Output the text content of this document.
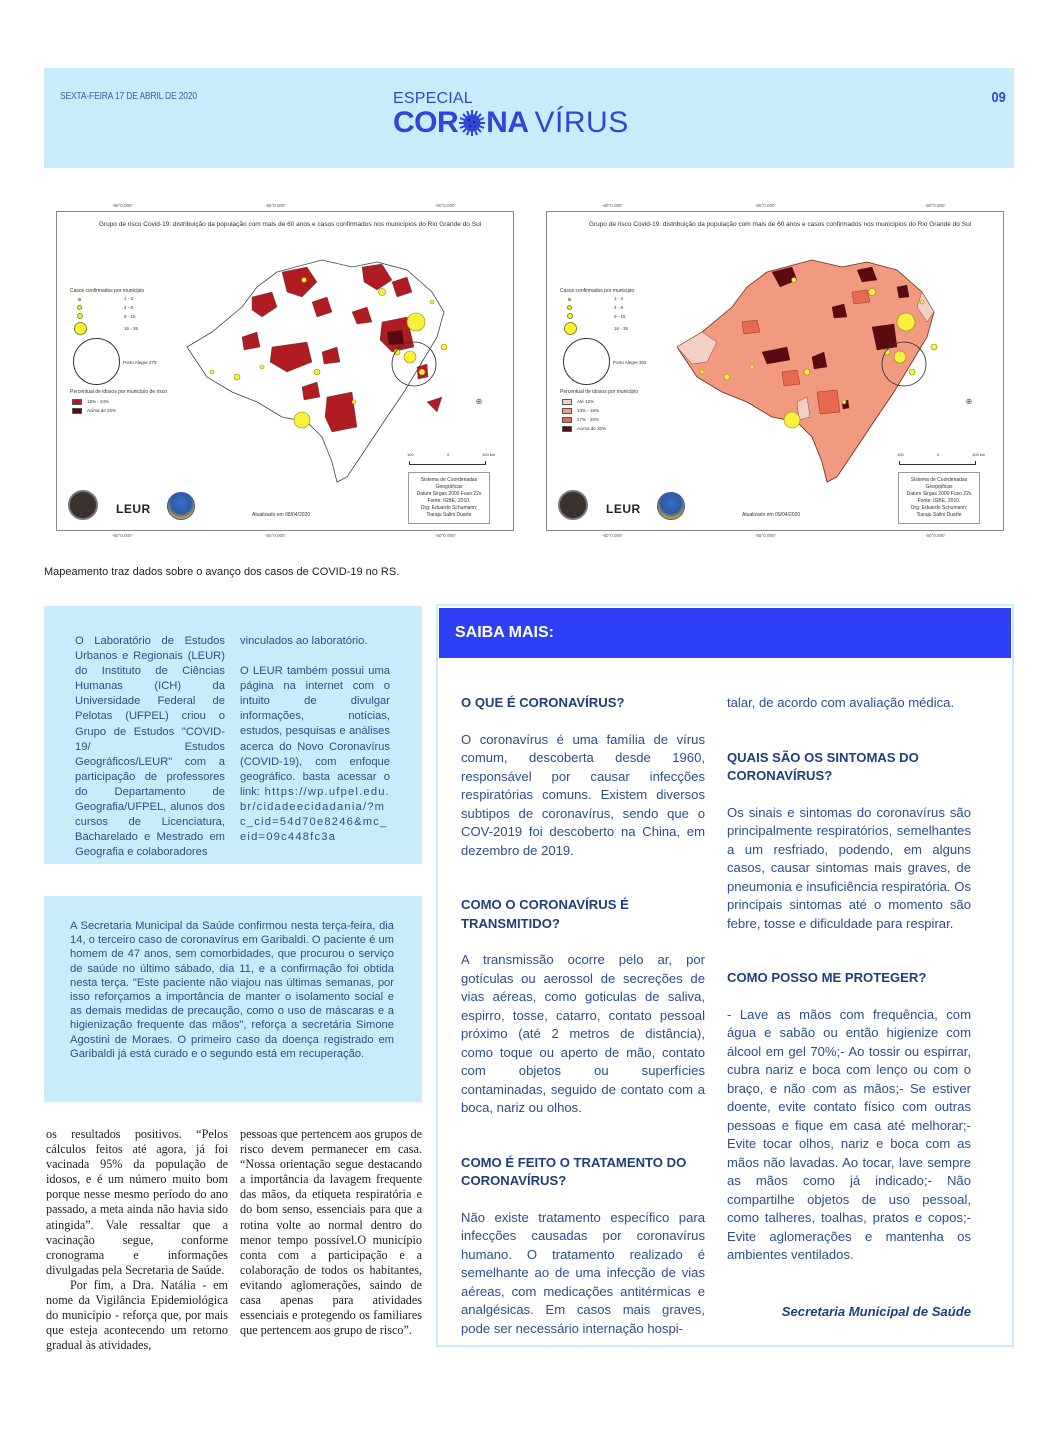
SEXTA-FEIRA 17 DE ABRIL DE 2020	ESPECIAL
COR NA VÍRUS
09
-60°0.000'	-55°0.000'	-50°0.000'
-60°0.000'	-55°0.000'	-50°0.000'
Grupo de risco Covid-19: distribuição da população com mais de 60 anos e casos confirmados nos municípios do Rio Grande do Sul
Casos confirmados por município
1 - 3
4 - 8
9 - 15
16 - 35
Porto Alegre 279
Percentual de idosos por município de risco
18% - 24%
Acima de 25%
⊕
100	0	100 km
Sistema de Coordenadas
Geográficas
Datum Sirgas 2000 Fuso 22s
Fonte: IGBE, 2010.
Org: Eduardo Schumann;
Tiaraju Salini Duarte
LEUR	Atualizado em 08/04/2020
-60°0.000'	-55°0.000'	-50°0.000'
-60°0.000'	-55°0.000'	-50°0.000'
Grupo de risco Covid-19: distribuição da população com mais de 60 anos e casos confirmados nos municípios do Rio Grande do Sul
Casos confirmados por município
1 - 3
4 - 8
9 - 15
16 - 35
Porto Alegre 303
Percentual de idosos por município
Até 12%
13% - 16%
17% - 20%
Acima de 20%
⊕
100	0	100 km
Sistema de Coordenadas
Geográficas
Datum Sirgas 2000 Fuso 22s
Fonte: IGBE, 2010.
Org: Eduardo Schumann;
Tiaraju Salini Duarte
LEUR	Atualizado em 09/04/2020
Mapeamento traz dados sobre o avanço dos casos de COVID-19 no RS.

O Laboratório de Estudos Urbanos e Regionais (LEUR) do Instituto de Ciências Humanas (ICH) da Universidade Federal de Pelotas (UFPEL) criou o Grupo de Estudos "COVID-19/ Estudos Geográficos/LEUR" com a participação de professores do Departamento de Geografia/UFPEL, alunos dos cursos de Licenciatura, Bacharelado e Mestrado em Geografia e colaboradores

vinculados ao laboratório.

O LEUR também possui uma página na internet com o intuito de divulgar informações, notícias, estudos, pesquisas e análises acerca do Novo Coronavírus (COVID-19), com enfoque geográfico. basta acessar o link: https://wp.ufpel.edu.br/cidadeecidadania/?mc_cid=54d70e8246&mc_eid=09c448fc3a

A Secretaria Municipal da Saúde confirmou nesta terça-feira, dia 14, o terceiro caso de coronavírus em Garibaldi. O paciente é um homem de 47 anos, sem comorbidades, que procurou o serviço de saúde no último sábado, dia 11, e a confirmação foi obtida nesta terça. "Este paciente não viajou nas últimas semanas, por isso reforçamos a importância de manter o isolamento social e as demais medidas de precaução, como o uso de máscaras e a higienização frequente das mãos", reforça a secretária Simone Agostini de Moraes. O primeiro caso da doença registrado em Garibaldi já está curado e o segundo está em recuperação.

os resultados positivos. “Pelos cálculos feitos até agora, já foi vacinada 95% da população de idosos, e é um número muito bom porque nesse mesmo período do ano passado, a meta ainda não havia sido atingida”. Vale ressaltar que a vacinação segue, conforme cronograma e informações divulgadas pela Secretaria de Saúde.

Por fim, a Dra. Natália - em nome da Vigilância Epidemiológica do município - reforça que, por mais que esteja acontecendo um retorno gradual às atividades,

pessoas que pertencem aos grupos de risco devem permanecer em casa. “Nossa orientação segue destacando a importância da lavagem frequente das mãos, da etiqueta respiratória e do bom senso, essenciais para que a rotina volte ao normal dentro do menor tempo possível.O município conta com a participação e a colaboração de todos os habitantes, evitando aglomerações, saindo de casa apenas para atividades essenciais e protegendo os familiares que pertencem aos grupo de risco”.

SAIBA MAIS:
O QUE É CORONAVÍRUS?

O coronavírus é uma família de vírus comum, descoberta desde 1960, responsável por causar infecções respiratórias comuns. Existem diversos subtipos de coronavírus, sendo que o COV-2019 foi descoberto na China, em dezembro de 2019.

COMO O CORONAVÍRUS É TRANSMITIDO?

A transmissão ocorre pelo ar, por gotículas ou aerossol de secreções de vias aéreas, como goticulas de saliva, espirro, tosse, catarro, contato pessoal próximo (até 2 metros de distância), como toque ou aperto de mão, contato com objetos ou superfícies contaminadas, seguido de contato com a boca, nariz ou olhos.

COMO É FEITO O TRATAMENTO DO CORONAVÍRUS?

Não existe tratamento específico para infecções causadas por coronavírus humano. O tratamento realizado é semelhante ao de uma infecção de vias aéreas, com medicações antitérmicas e analgésicas. Em casos mais graves, pode ser necessário internação hospi-

talar, de acordo com avaliação médica.

QUAIS SÃO OS SINTOMAS DO CORONAVÍRUS?

Os sinais e sintomas do coronavírus são principalmente respiratórios, semelhantes a um resfriado, podendo, em alguns casos, causar sintomas mais graves, de pneumonia e insuficiência respiratória. Os principais sintomas até o momento são febre, tosse e dificuldade para respirar.

COMO POSSO ME PROTEGER?

- Lave as mãos com frequência, com água e sabão ou então higienize com álcool em gel 70%;- Ao tossir ou espirrar, cubra nariz e boca com lenço ou com o braço, e não com as mãos;- Se estiver doente, evite contato físico com outras pessoas e fique em casa até melhorar;- Evite tocar olhos, nariz e boca com as mãos não lavadas. Ao tocar, lave sempre as mãos como já indicado;- Não compartilhe objetos de uso pessoal, como talheres, toalhas, pratos e copos;- Evite aglomerações e mantenha os ambientes ventilados.

Secretaria Municipal de Saúde
